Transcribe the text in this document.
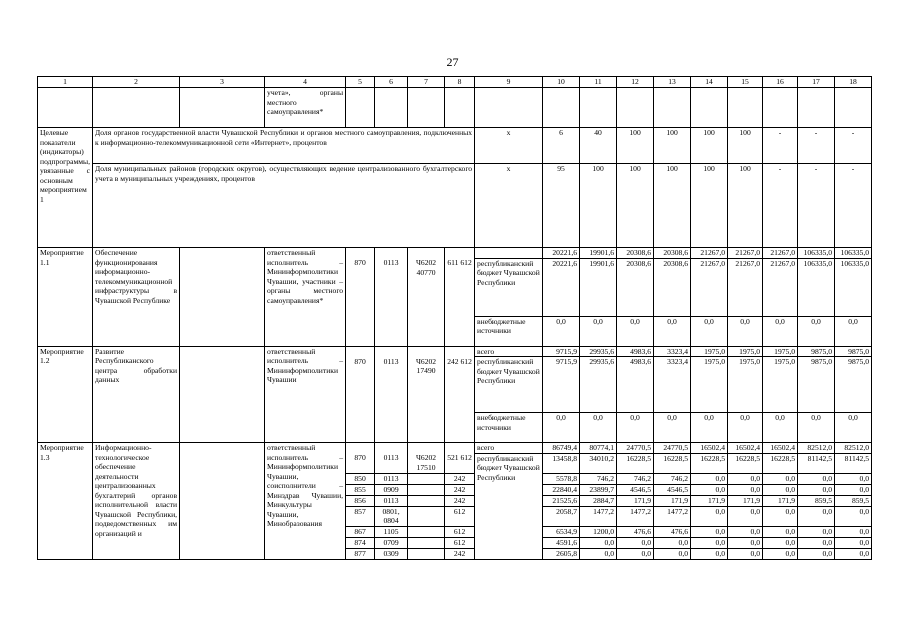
27
1	2	3	4	5	6	7	8	9	10	11	12	13	14	15	16	17	18
			учета», органы местного самоуправления*														
Целевые показатели (индикаторы) подпрограммы, увязанные с основным мероприятием 1	Доля органов государственной власти Чувашской Республики и органов местного самоуправления, подключенных к информационно-телекоммуникационной сети «Интернет», процентов							х	6	40	100	100	100	100	-	-	-
	Доля муниципальных районов (городских округов), осуществляющих ведение централизованного бухгалтерского учета в муниципальных учреждениях, процентов							х	95	100	100	100	100	100	-	-	-
Мероприятие 1.1	Обеспечение функционирования информационно-телекоммуникационной инфраструктуры в Чувашской Республике		ответственный исполнитель – Мининформполитики Чувашии, участники – органы местного самоуправления*						20221,6	19901,6	20308,6	20308,6	21267,0	21267,0	21267,0	106335,0	106335,0
				870	0113	Ч6202 40770	611 612	республиканский бюджет Чувашской Республики	20221,6	19901,6	20308,6	20308,6	21267,0	21267,0	21267,0	106335,0	106335,0
								внебюджетные источники	0,0	0,0	0,0	0,0	0,0	0,0	0,0	0,0	0,0
Мероприятие 1.2	Развитие Республиканского центра обработки данных		ответственный исполнитель – Мининформполитики Чувашии					всего	9715,9	29935,6	4983,6	3323,4	1975,0	1975,0	1975,0	9875,0	9875,0
				870	0113	Ч6202 17490	242 612	республиканский бюджет Чувашской Республики	9715,9	29935,6	4983,6	3323,4	1975,0	1975,0	1975,0	9875,0	9875,0
								внебюджетные источники	0,0	0,0	0,0	0,0	0,0	0,0	0,0	0,0	0,0
Мероприятие 1.3	Информационно-технологическое обеспечение деятельности централизованных бухгалтерий органов исполнительной власти Чувашской Республики, подведомственных им организаций и		ответственный исполнитель – Мининформполитики Чувашии, соисполнители – Минздрав Чувашии, Минкультуры Чувашии, Минобразования					всего	86749,4	80774,1	24770,5	24770,5	16502,4	16502,4	16502,4	82512,0	82512,0
				870	0113	Ч6202 17510	521 612	республиканский бюджет Чувашской Республики	13458,8	34010,2	16228,5	16228,5	16228,5	16228,5	16228,5	81142,5	81142,5
				850	0113		242		5578,8	746,2	746,2	746,2	0,0	0,0	0,0	0,0	0,0
				855	0909		242		22840,4	23899,7	4546,5	4546,5	0,0	0,0	0,0	0,0	0,0
				856	0113		242		21525,6	2884,7	171,9	171,9	171,9	171,9	171,9	859,5	859,5
				857	0801, 0804		612		2058,7	1477,2	1477,2	1477,2	0,0	0,0	0,0	0,0	0,0
				867	1105		612		6534,9	1200,0	476,6	476,6	0,0	0,0	0,0	0,0	0,0
				874	0709		612		4591,6	0,0	0,0	0,0	0,0	0,0	0,0	0,0	0,0
				877	0309		242		2605,8	0,0	0,0	0,0	0,0	0,0	0,0	0,0	0,0
